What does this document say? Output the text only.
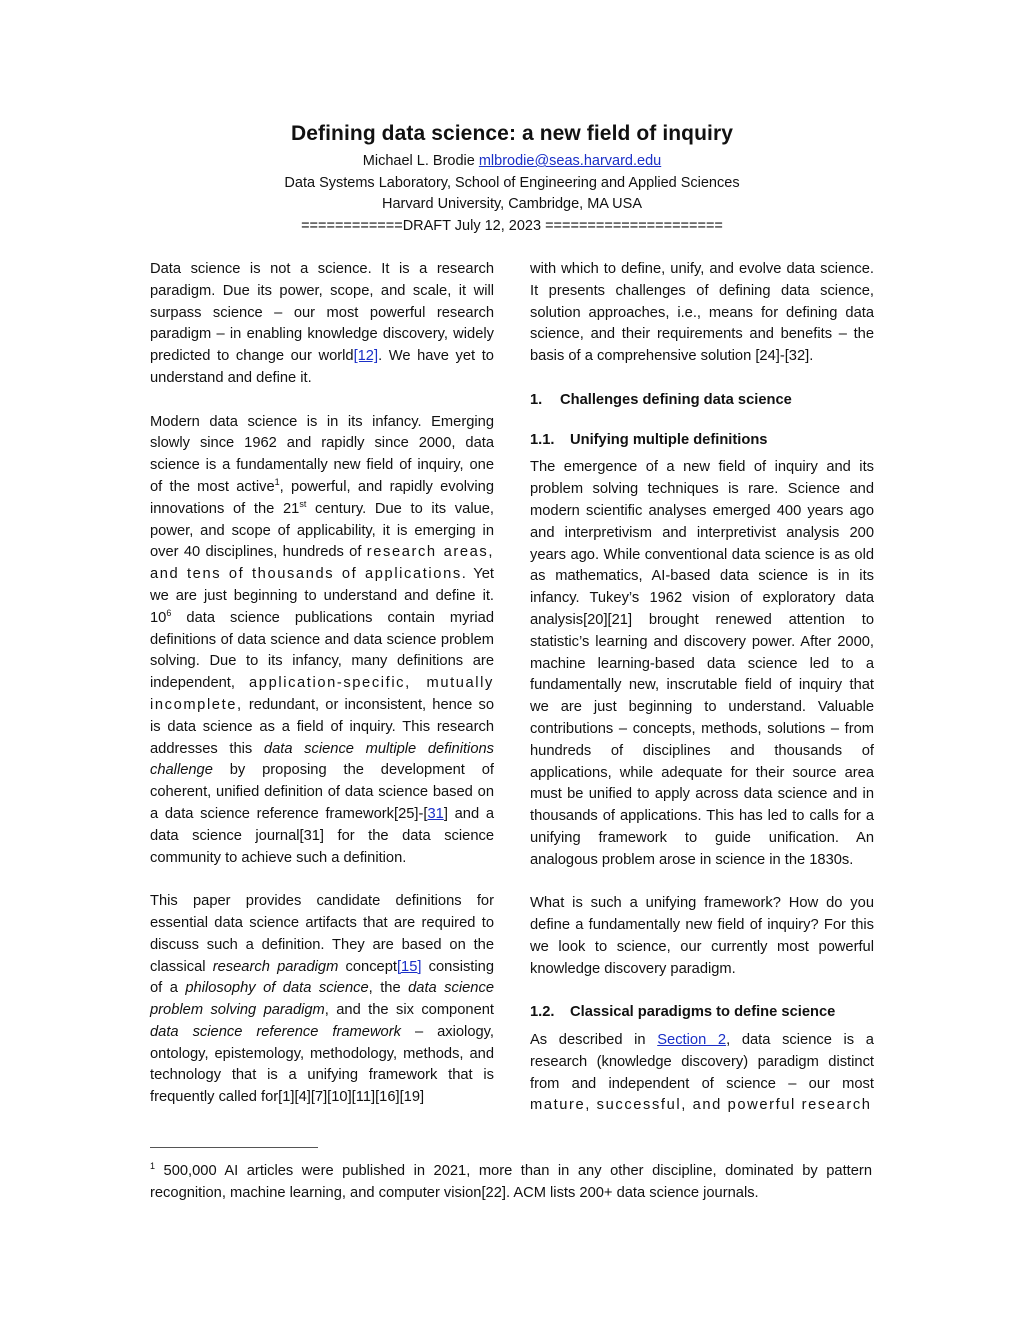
Defining data science: a new field of inquiry
Michael L. Brodie mlbrodie@seas.harvard.edu
Data Systems Laboratory, School of Engineering and Applied Sciences
Harvard University, Cambridge, MA USA
============DRAFT July 12, 2023 =====================

Data science is not a science. It is a research paradigm. Due its power, scope, and scale, it will surpass science – our most powerful research paradigm – in enabling knowledge discovery, widely predicted to change our world[12]. We have yet to understand and define it.

Modern data science is in its infancy. Emerging slowly since 1962 and rapidly since 2000, data science is a fundamentally new field of inquiry, one of the most active$^1$, powerful, and rapidly evolving innovations of the 21st century. Due to its value, power, and scope of applicability, it is emerging in over 40 disciplines, hundreds of research areas, and tens of thousands of applications. Yet we are just beginning to understand and define it. $10^6$ data science publications contain myriad definitions of data science and data science problem solving. Due to its infancy, many definitions are independent, application-specific, mutually incomplete, redundant, or inconsistent, hence so is data science as a field of inquiry. This research addresses this data science multiple definitions challenge by proposing the development of coherent, unified definition of data science based on a data science reference framework[25]-[31] and a data science journal[31] for the data science community to achieve such a definition.

This paper provides candidate definitions for essential data science artifacts that are required to discuss such a definition. They are based on the classical research paradigm concept[15] consisting of a philosophy of data science, the data science problem solving paradigm, and the six component data science reference framework – axiology, ontology, epistemology, methodology, methods, and technology that is a unifying framework that is frequently called for[1][4][7][10][11][16][19]

with which to define, unify, and evolve data science. It presents challenges of defining data science, solution approaches, i.e., means for defining data science, and their requirements and benefits – the basis of a comprehensive solution [24]-[32].

1. Challenges defining data science
1.1. Unifying multiple definitions

The emergence of a new field of inquiry and its problem solving techniques is rare. Science and modern scientific analyses emerged 400 years ago and interpretivism and interpretivist analysis 200 years ago. While conventional data science is as old as mathematics, AI-based data science is in its infancy. Tukey’s 1962 vision of exploratory data analysis[20][21] brought renewed attention to statistic’s learning and discovery power. After 2000, machine learning-based data science led to a fundamentally new, inscrutable field of inquiry that we are just beginning to understand. Valuable contributions – concepts, methods, solutions – from hundreds of disciplines and thousands of applications, while adequate for their source area must be unified to apply across data science and in thousands of applications. This has led to calls for a unifying framework to guide unification. An analogous problem arose in science in the 1830s.

What is such a unifying framework? How do you define a fundamentally new field of inquiry? For this we look to science, our currently most powerful knowledge discovery paradigm.

1.2. Classical paradigms to define science

As described in Section 2, data science is a research (knowledge discovery) paradigm distinct from and independent of science – our most mature, successful, and powerful research

$^1$ 500,000 AI articles were published in 2021, more than in any other discipline, dominated by pattern recognition, machine learning, and computer vision[22]. ACM lists 200+ data science journals.
